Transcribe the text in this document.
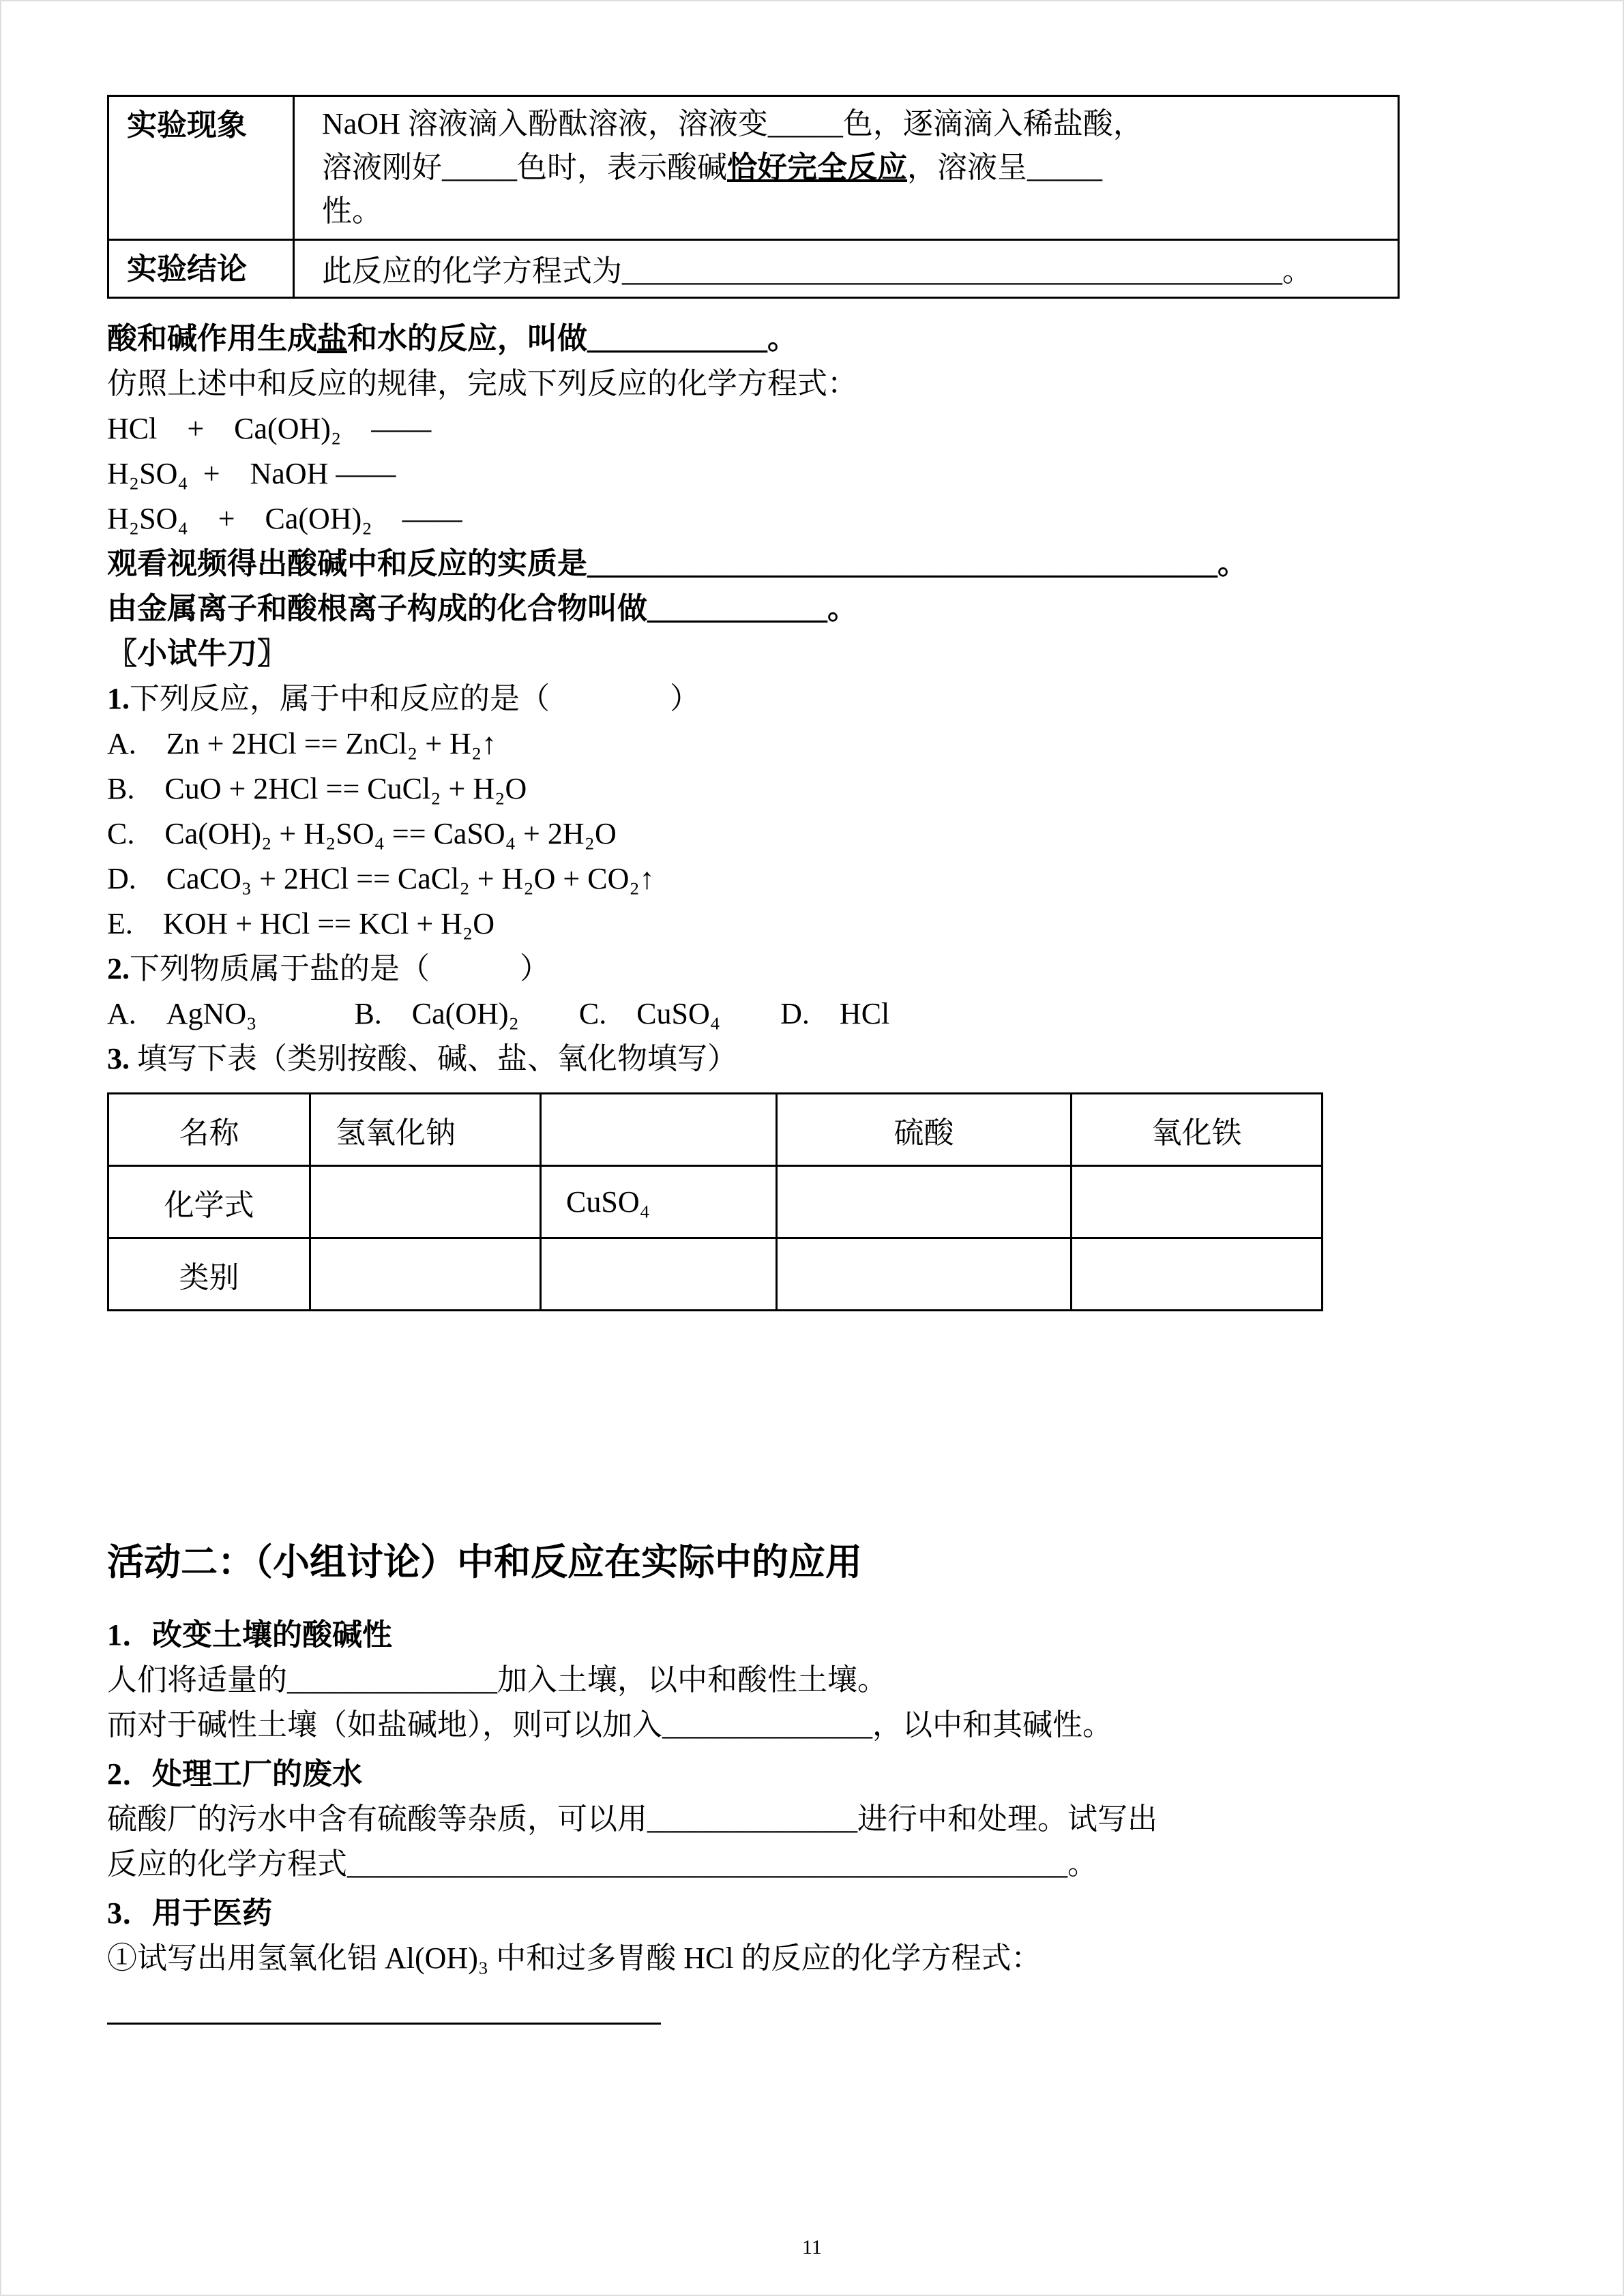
实验现象	NaOH 溶液滴入酚酞溶液，溶液变_____色，逐滴滴入稀盐酸，
溶液刚好_____色时，表示酸碱恰好完全反应，溶液呈_____
性。

实验结论	此反应的化学方程式为____________________________________________。

酸和碱作用生成盐和水的反应，叫做____________。

仿照上述中和反应的规律，完成下列反应的化学方程式：

HCl    +    Ca(OH)₂    ——

H₂SO₄  +    NaOH ——

H₂SO₄    +    Ca(OH)₂    ——

观看视频得出酸碱中和反应的实质是__________________________________________。

由金属离子和酸根离子构成的化合物叫做____________。

〖小试牛刀〗

1.下列反应，属于中和反应的是（　　　　）

A.    Zn + 2HCl == ZnCl₂ + H₂↑

B.    CuO + 2HCl == CuCl₂ + H₂O

C.    Ca(OH)₂ + H₂SO₄ == CaSO₄ + 2H₂O

D.    CaCO₃ + 2HCl == CaCl₂ + H₂O + CO₂↑

E.    KOH + HCl == KCl + H₂O

2.下列物质属于盐的是（　　　）

A.　AgNO₃             B.　Ca(OH)₂        C.　CuSO₄        D.　HCl

3. 填写下表（类别按酸、碱、盐、氧化物填写）

名称	氢氧化钠		硫酸	氧化铁
化学式		CuSO₄		
类别				
活动二：（小组讨论）中和反应在实际中的应用

1．改变土壤的酸碱性

人们将适量的______________加入土壤，以中和酸性土壤。

而对于碱性土壤（如盐碱地），则可以加入______________，以中和其碱性。

2．处理工厂的废水

硫酸厂的污水中含有硫酸等杂质，可以用______________进行中和处理。试写出

反应的化学方程式________________________________________________。

3．用于医药

①试写出用氢氧化铝 Al(OH)₃ 中和过多胃酸 HCl 的反应的化学方程式：

11
